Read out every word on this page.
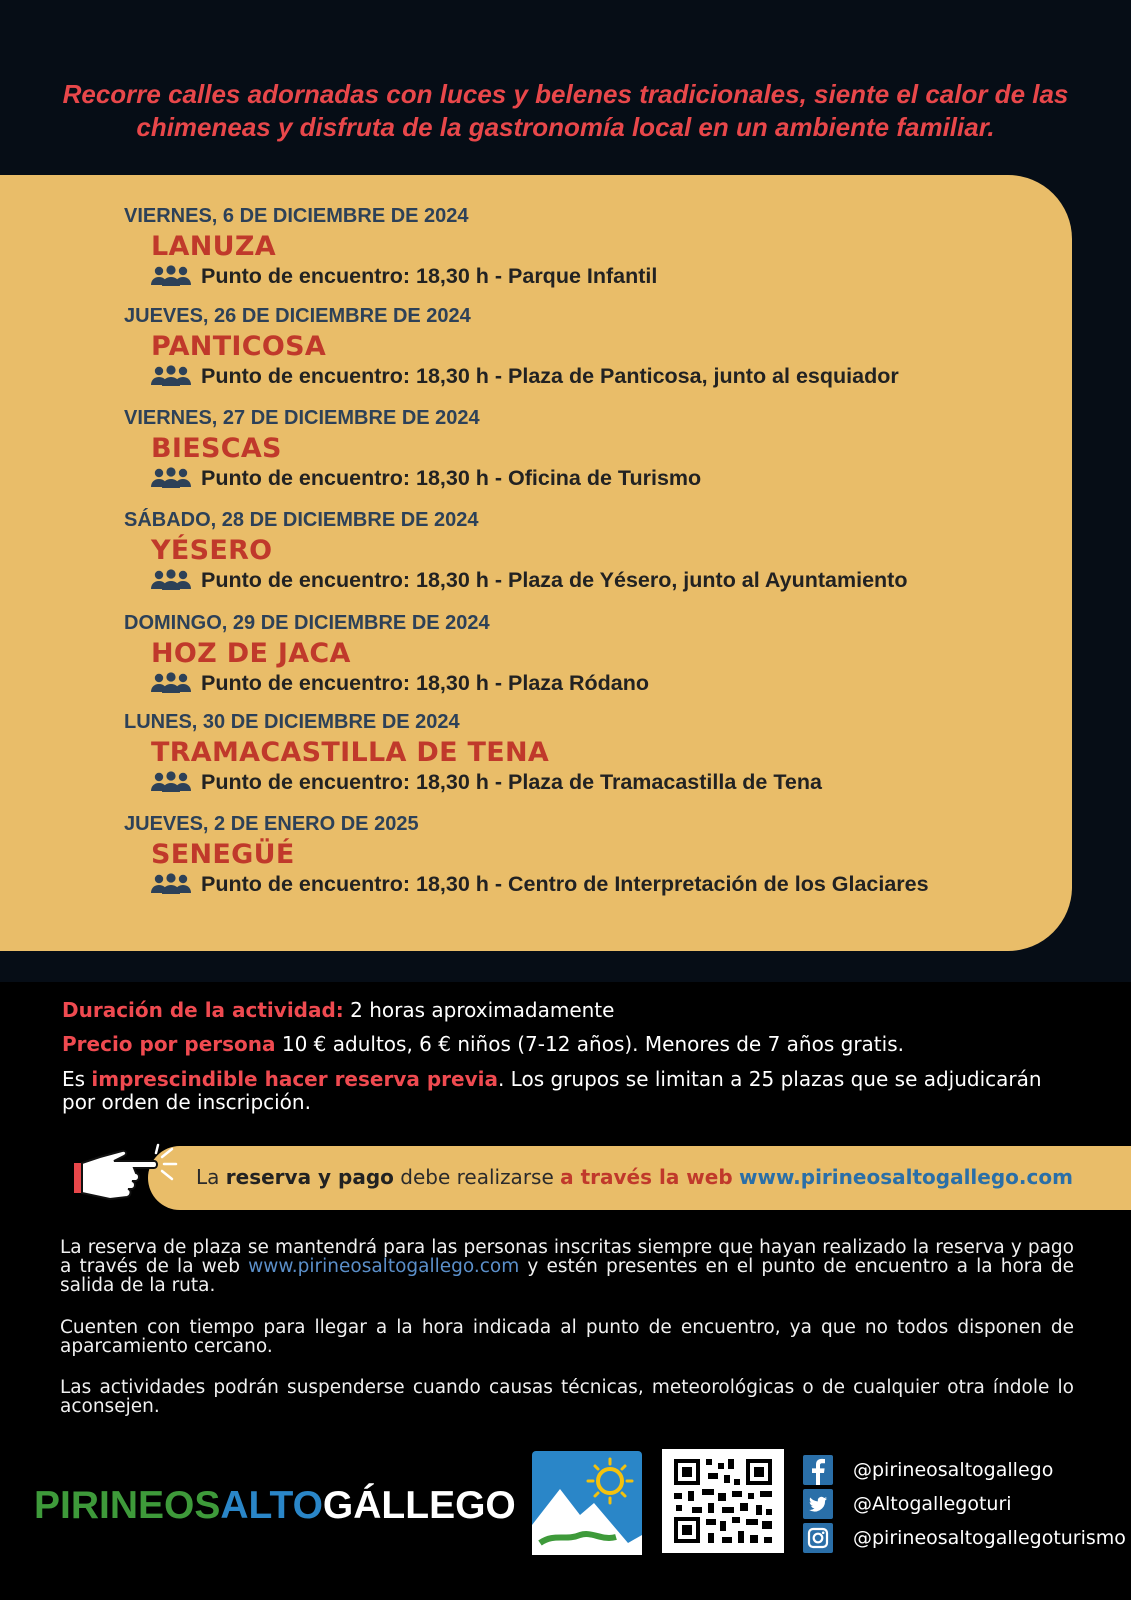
Recorre calles adornadas con luces y belenes tradicionales, siente el calor de las chimeneas y disfruta de la gastronomía local en un ambiente familiar.

VIERNES, 6 DE DICIEMBRE DE 2024

LANUZA

Punto de encuentro: 18,30 h - Parque Infantil

JUEVES, 26 DE DICIEMBRE DE 2024

PANTICOSA

Punto de encuentro: 18,30 h - Plaza de Panticosa, junto al esquiador

VIERNES, 27 DE DICIEMBRE DE 2024

BIESCAS

Punto de encuentro: 18,30 h - Oficina de Turismo

SÁBADO, 28 DE DICIEMBRE DE 2024

YÉSERO

Punto de encuentro: 18,30 h - Plaza de Yésero, junto al Ayuntamiento

DOMINGO, 29 DE DICIEMBRE DE 2024

HOZ DE JACA

Punto de encuentro: 18,30 h - Plaza Ródano

LUNES, 30 DE DICIEMBRE DE 2024

TRAMACASTILLA DE TENA

Punto de encuentro: 18,30 h - Plaza de Tramacastilla de Tena

JUEVES, 2 DE ENERO DE 2025

SENEGÜÉ

Punto de encuentro: 18,30 h - Centro de Interpretación de los Glaciares

Duración de la actividad: 2 horas aproximadamente

Precio por persona 10 € adultos, 6 € niños (7-12 años). Menores de 7 años gratis.

Es imprescindible hacer reserva previa. Los grupos se limitan a 25 plazas que se adjudicarán por orden de inscripción.

La reserva y pago debe realizarse a través la web www.pirineosaltogallego.com

La reserva de plaza se mantendrá para las personas inscritas siempre que hayan realizado la reserva y pago a través de la web www.pirineosaltogallego.com y estén presentes en el punto de encuentro a la hora de salida de la ruta.

Cuenten con tiempo para llegar a la hora indicada al punto de encuentro, ya que no todos disponen de aparcamiento cercano.

Las actividades podrán suspenderse cuando causas técnicas, meteorológicas o de cualquier otra índole lo aconsejen.

PIRINEOSALTOGÁLLEGO
@pirineosaltogallego
@Altogallegoturi
@pirineosaltogallegoturismo
